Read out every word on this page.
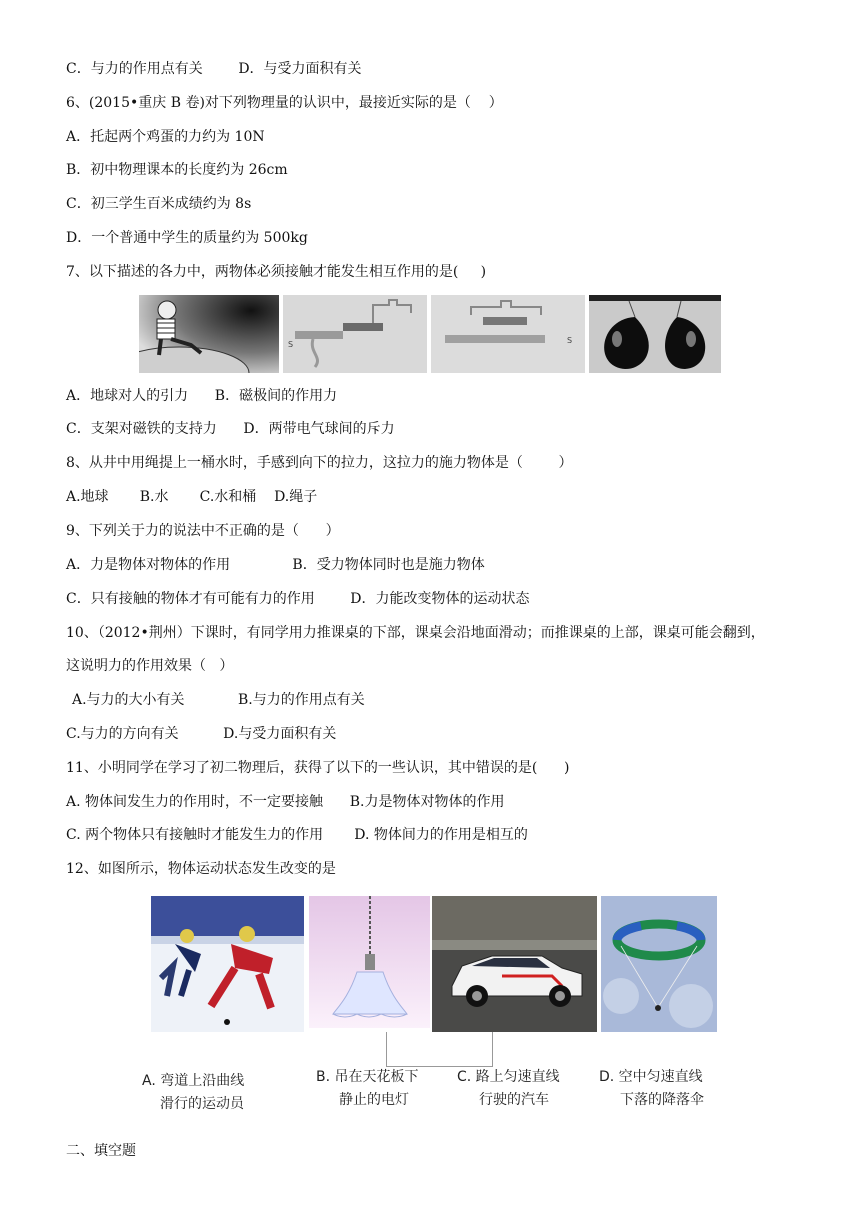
C．与力的作用点有关        D．与受力面积有关
6、(2015•重庆 B 卷)对下列物理量的认识中，最接近实际的是（    ）
A．托起两个鸡蛋的力约为 10N
B．初中物理课本的长度约为 26cm
C．初三学生百米成绩约为 8s
D．一个普通中学生的质量约为 500kg
7、以下描述的各力中，两物体必须接触才能发生相互作用的是(     )
S	S
A．地球对人的引力      B．磁极间的作用力
C．支架对磁铁的支持力      D．两带电气球间的斥力
8、从井中用绳提上一桶水时，手感到向下的拉力，这拉力的施力物体是（        ）
A.地球       B.水       C.水和桶    D.绳子
9、下列关于力的说法中不正确的是（      ）
A．力是物体对物体的作用              B．受力物体同时也是施力物体
C．只有接触的物体才有可能有力的作用        D．力能改变物体的运动状态
10、（2012•荆州）下课时，有同学用力推课桌的下部，课桌会沿地面滑动；而推课桌的上部，课桌可能会翻到，
这说明力的作用效果（   ）
A.与力的大小有关            B.与力的作用点有关
C.与力的方向有关          D.与受力面积有关
11、小明同学在学习了初二物理后，获得了以下的一些认识，其中错误的是(      )
A. 物体间发生力的作用时，不一定要接触      B.力是物体对物体的作用
C. 两个物体只有接触时才能发生力的作用       D. 物体间力的作用是相互的
12、如图所示，物体运动状态发生改变的是
A. 弯道上沿曲线
滑行的运动员
B. 吊在天花板下
静止的电灯
C. 路上匀速直线
行驶的汽车
D. 空中匀速直线
下落的降落伞
二、填空题
